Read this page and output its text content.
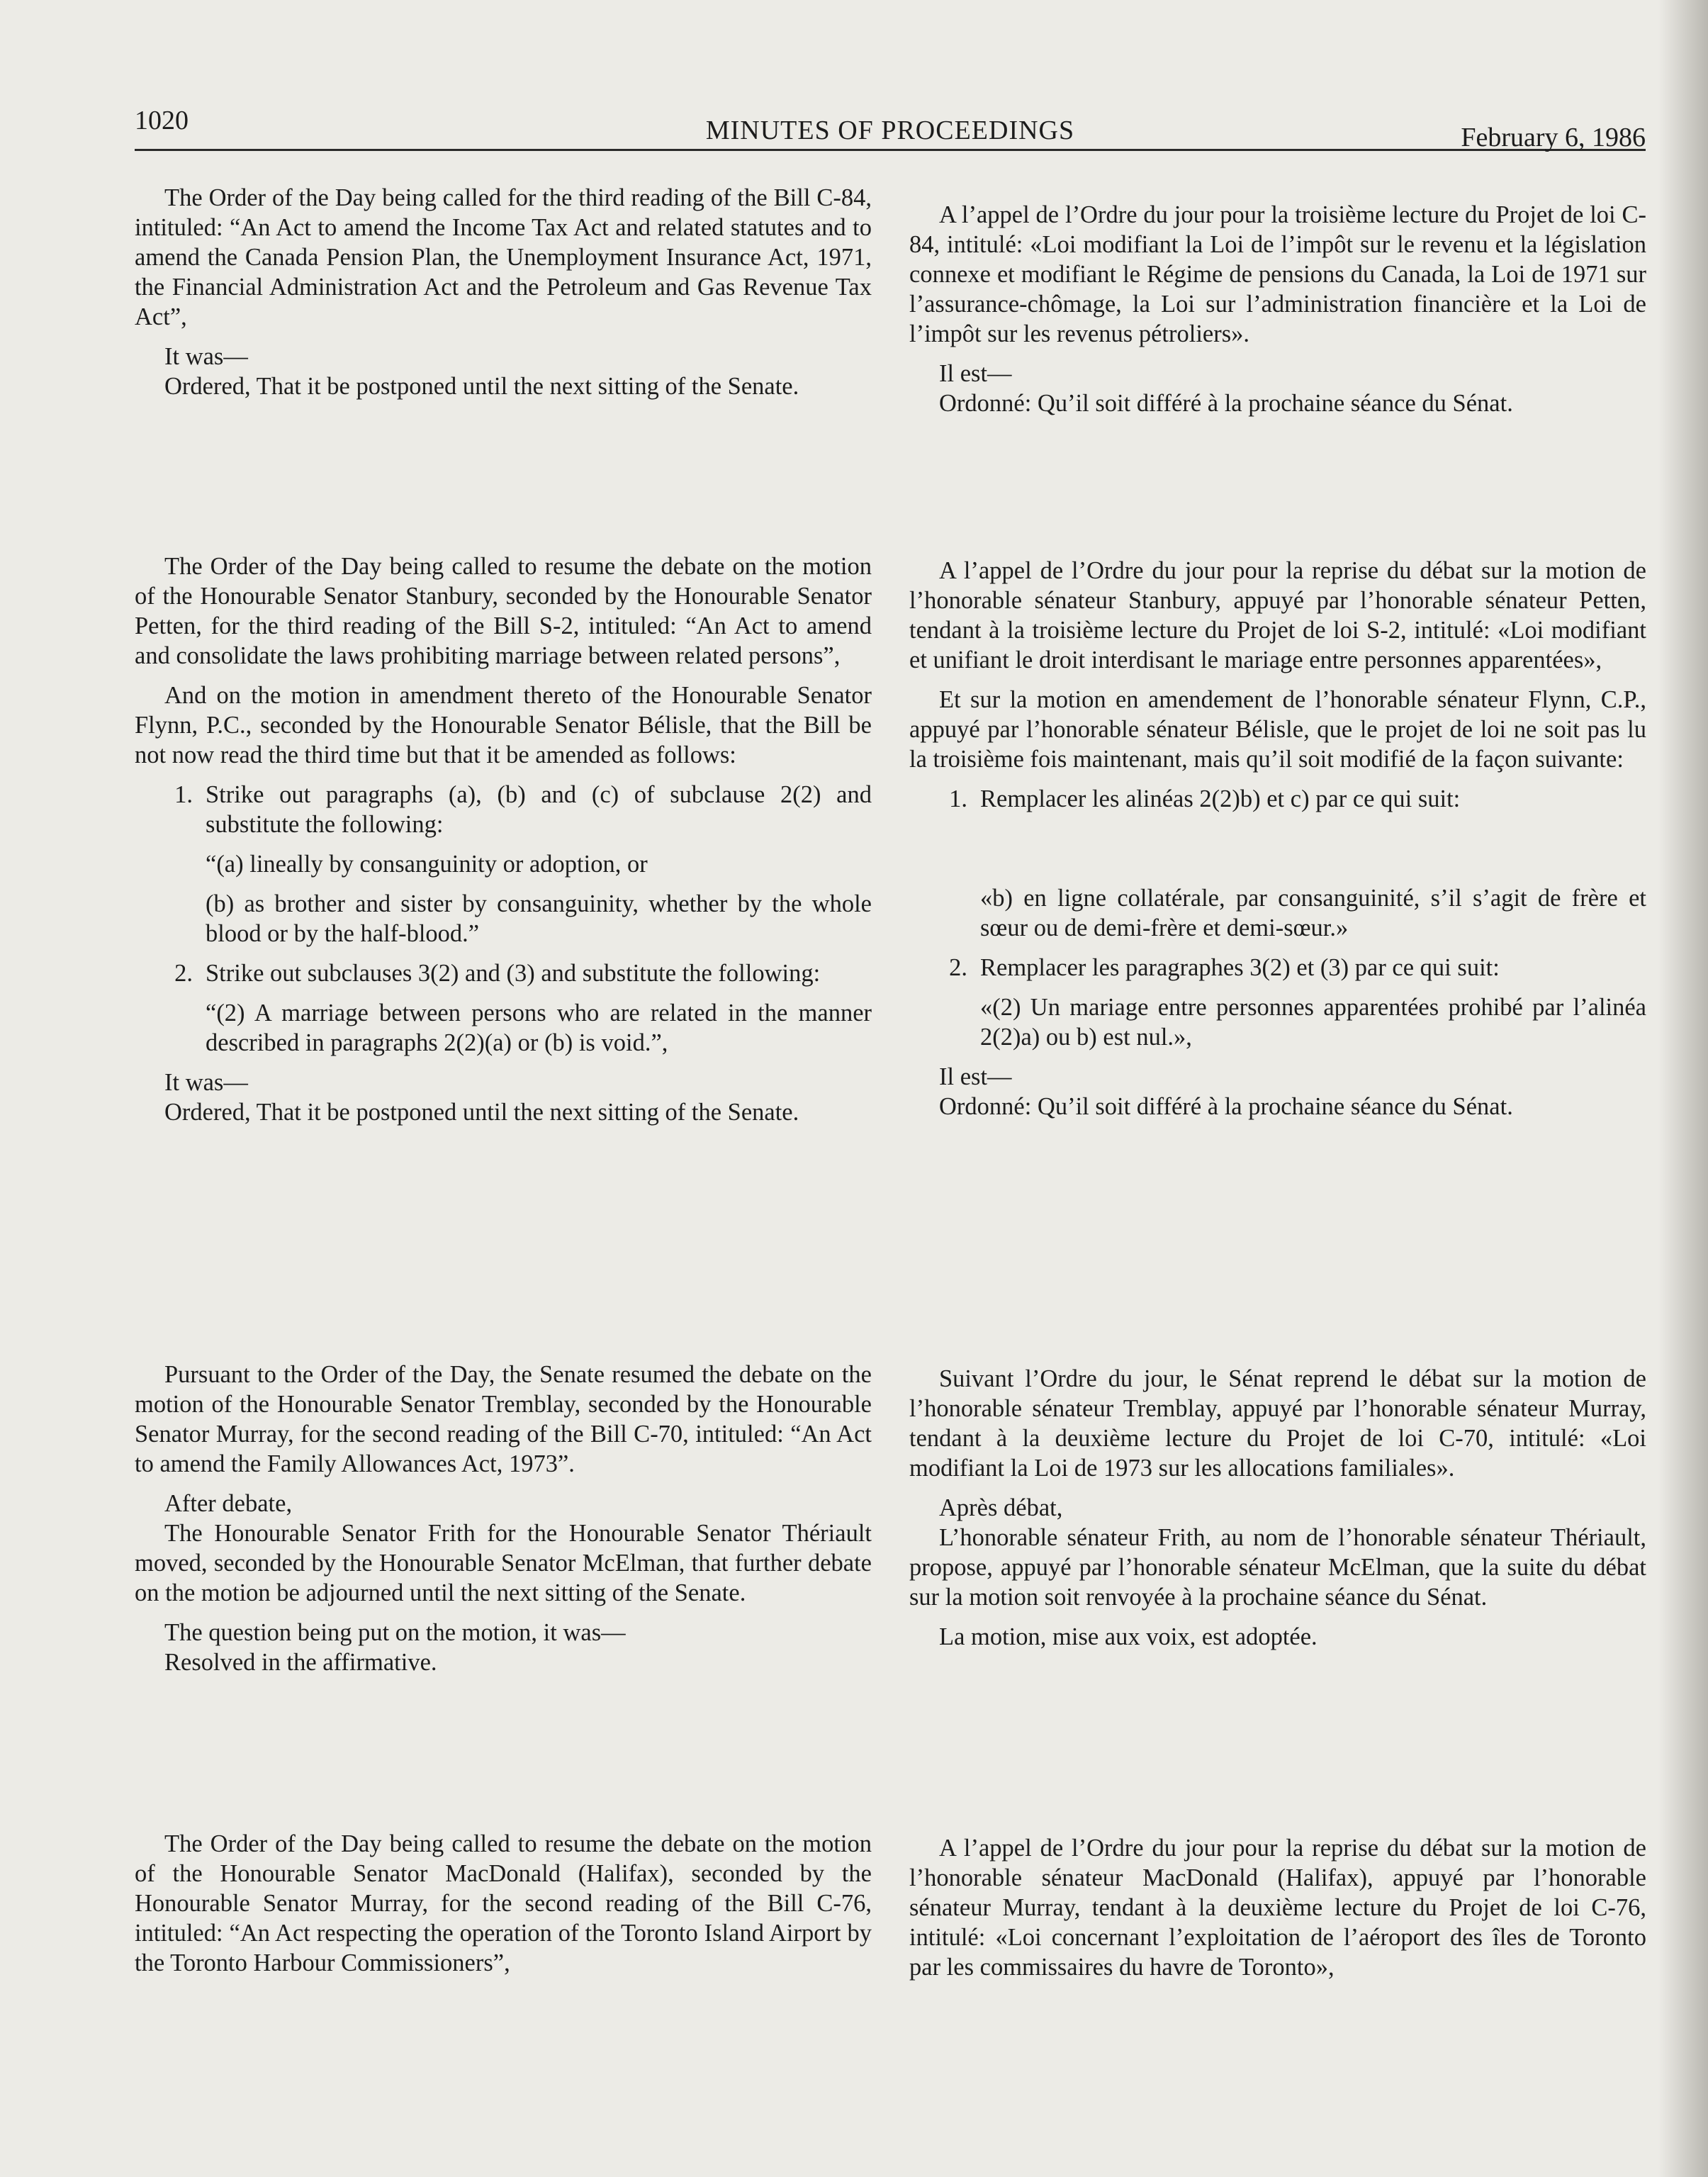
1020	MINUTES OF PROCEEDINGS	February 6, 1986

The Order of the Day being called for the third reading of the Bill C-84, intituled: “An Act to amend the Income Tax Act and related statutes and to amend the Canada Pension Plan, the Unemployment Insurance Act, 1971, the Financial Administration Act and the Petroleum and Gas Revenue Tax Act”,

It was—

Ordered, That it be postponed until the next sitting of the Senate.

The Order of the Day being called to resume the debate on the motion of the Honourable Senator Stanbury, seconded by the Honourable Senator Petten, for the third reading of the Bill S-2, intituled: “An Act to amend and consolidate the laws prohibiting marriage between related persons”,

And on the motion in amendment thereto of the Honourable Senator Flynn, P.C., seconded by the Honourable Senator Bélisle, that the Bill be not now read the third time but that it be amended as follows:

1. Strike out paragraphs (a), (b) and (c) of subclause 2(2) and substitute the following:

“(a) lineally by consanguinity or adoption, or

(b) as brother and sister by consanguinity, whether by the whole blood or by the half-blood.”

2. Strike out subclauses 3(2) and (3) and substitute the following:

“(2) A marriage between persons who are related in the manner described in paragraphs 2(2)(a) or (b) is void.”,

It was—

Ordered, That it be postponed until the next sitting of the Senate.

Pursuant to the Order of the Day, the Senate resumed the debate on the motion of the Honourable Senator Tremblay, seconded by the Honourable Senator Murray, for the second reading of the Bill C-70, intituled: “An Act to amend the Family Allowances Act, 1973”.

After debate,

The Honourable Senator Frith for the Honourable Senator Thériault moved, seconded by the Honourable Senator McElman, that further debate on the motion be adjourned until the next sitting of the Senate.

The question being put on the motion, it was—

Resolved in the affirmative.

The Order of the Day being called to resume the debate on the motion of the Honourable Senator MacDonald (Halifax), seconded by the Honourable Senator Murray, for the second reading of the Bill C-76, intituled: “An Act respecting the operation of the Toronto Island Airport by the Toronto Harbour Commissioners”,

A l’appel de l’Ordre du jour pour la troisième lecture du Projet de loi C-84, intitulé: «Loi modifiant la Loi de l’impôt sur le revenu et la législation connexe et modifiant le Régime de pensions du Canada, la Loi de 1971 sur l’assurance-chômage, la Loi sur l’administration financière et la Loi de l’impôt sur les revenus pétroliers».

Il est—

Ordonné: Qu’il soit différé à la prochaine séance du Sénat.

A l’appel de l’Ordre du jour pour la reprise du débat sur la motion de l’honorable sénateur Stanbury, appuyé par l’honorable sénateur Petten, tendant à la troisième lecture du Projet de loi S-2, intitulé: «Loi modifiant et unifiant le droit interdisant le mariage entre personnes apparentées»,

Et sur la motion en amendement de l’honorable sénateur Flynn, C.P., appuyé par l’honorable sénateur Bélisle, que le projet de loi ne soit pas lu la troisième fois maintenant, mais qu’il soit modifié de la façon suivante:

1. Remplacer les alinéas 2(2)b) et c) par ce qui suit:

«b) en ligne collatérale, par consanguinité, s’il s’agit de frère et sœur ou de demi-frère et demi-sœur.»

2. Remplacer les paragraphes 3(2) et (3) par ce qui suit:

«(2) Un mariage entre personnes apparentées prohibé par l’alinéa 2(2)a) ou b) est nul.»,

Il est—

Ordonné: Qu’il soit différé à la prochaine séance du Sénat.

Suivant l’Ordre du jour, le Sénat reprend le débat sur la motion de l’honorable sénateur Tremblay, appuyé par l’honorable sénateur Murray, tendant à la deuxième lecture du Projet de loi C-70, intitulé: «Loi modifiant la Loi de 1973 sur les allocations familiales».

Après débat,

L’honorable sénateur Frith, au nom de l’honorable sénateur Thériault, propose, appuyé par l’honorable sénateur McElman, que la suite du débat sur la motion soit renvoyée à la prochaine séance du Sénat.

La motion, mise aux voix, est adoptée.

A l’appel de l’Ordre du jour pour la reprise du débat sur la motion de l’honorable sénateur MacDonald (Halifax), appuyé par l’honorable sénateur Murray, tendant à la deuxième lecture du Projet de loi C-76, intitulé: «Loi concernant l’exploitation de l’aéroport des îles de Toronto par les commissaires du havre de Toronto»,
